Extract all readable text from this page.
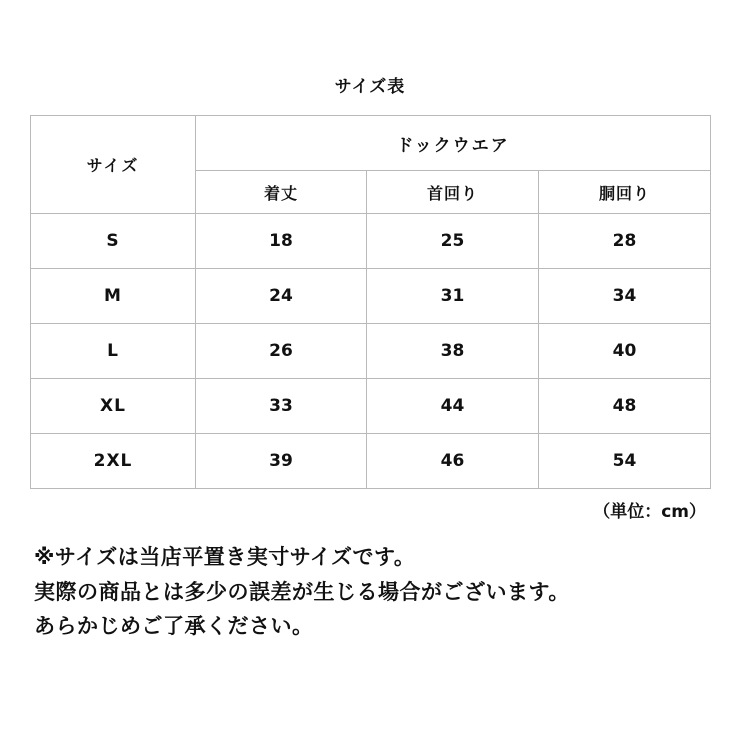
サイズ表
サイズ	ドックウエア		
	着丈	首回り	胴回り
S	18	25	28
M	24	31	34
L	26	38	40
XL	33	44	48
2XL	39	46	54
（単位：cm）
※サイズは当店平置き実寸サイズです。
実際の商品とは多少の誤差が生じる場合がございます。
あらかじめご了承ください。
